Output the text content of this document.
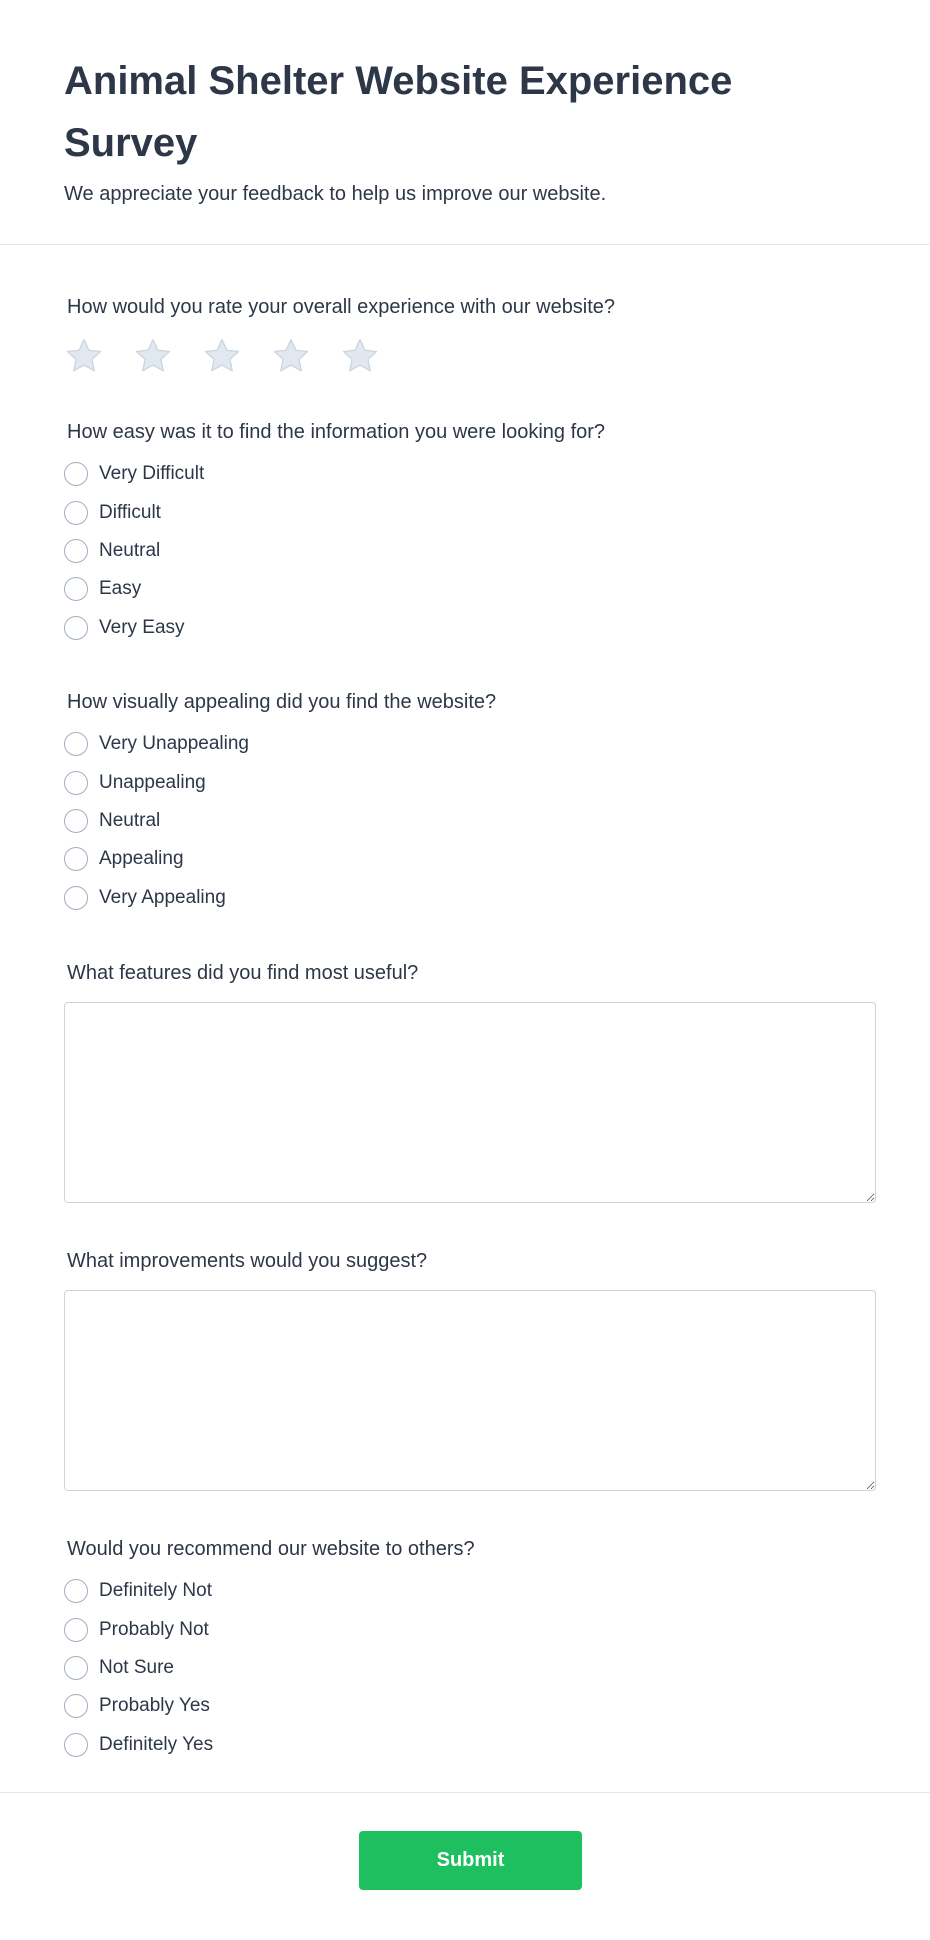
Animal Shelter Website Experience Survey

We appreciate your feedback to help us improve our website.

How would you rate your overall experience with our website?
How easy was it to find the information you were looking for?
Very Difficult
Difficult
Neutral
Easy
Very Easy
How visually appealing did you find the website?
Very Unappealing
Unappealing
Neutral
Appealing
Very Appealing
What features did you find most useful?
What improvements would you suggest?
Would you recommend our website to others?
Definitely Not
Probably Not
Not Sure
Probably Yes
Definitely Yes
Submit
